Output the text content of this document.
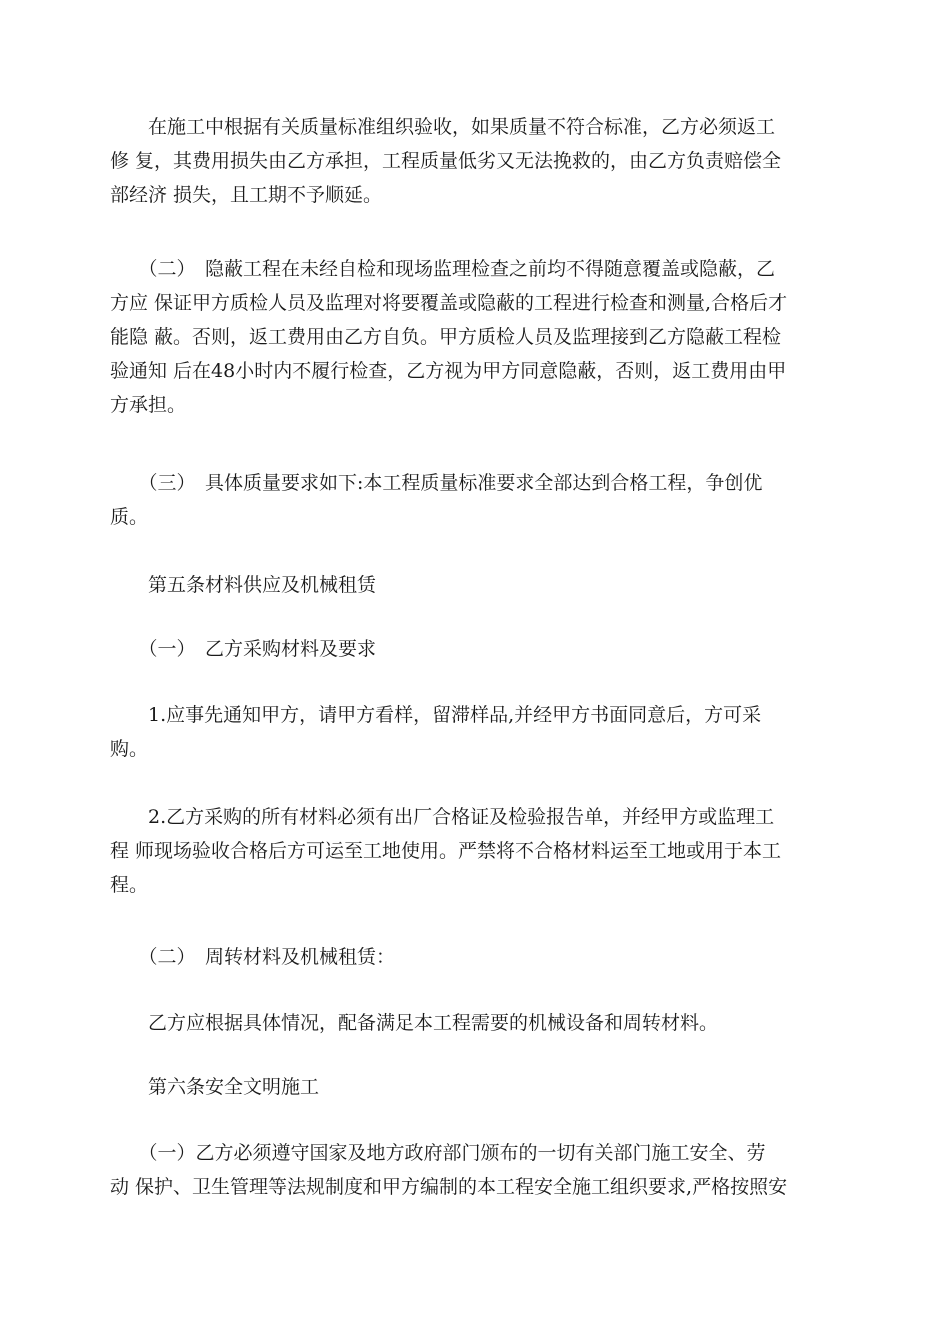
　　在施工中根据有关质量标准组织验收，如果质量不符合标准，乙方必须返工
修 复，其费用损失由乙方承担，工程质量低劣又无法挽救的，由乙方负责赔偿全
部经济 损失，且工期不予顺延。
　　（二）　隐蔽工程在未经自检和现场监理检查之前均不得随意覆盖或隐蔽，乙
方应 保证甲方质检人员及监理对将要覆盖或隐蔽的工程进行检查和测量,合格后才
能隐 蔽。否则，返工费用由乙方自负。甲方质检人员及监理接到乙方隐蔽工程检
验通知 后在48小时内不履行检查，乙方视为甲方同意隐蔽，否则，返工费用由甲
方承担。
　　（三）　具体质量要求如下:本工程质量标准要求全部达到合格工程，争创优
质。
　　第五条材料供应及机械租赁
　　（一）　乙方采购材料及要求
　　1.应事先通知甲方，请甲方看样，留滞样品,并经甲方书面同意后，方可采
购。
　　2.乙方采购的所有材料必须有出厂合格证及检验报告单，并经甲方或监理工
程 师现场验收合格后方可运至工地使用。严禁将不合格材料运至工地或用于本工
程。
　　（二）　周转材料及机械租赁：
　　乙方应根据具体情况，配备满足本工程需要的机械设备和周转材料。
　　第六条安全文明施工
　　（一）乙方必须遵守国家及地方政府部门颁布的一切有关部门施工安全、劳
动 保护、卫生管理等法规制度和甲方编制的本工程安全施工组织要求,严格按照安
